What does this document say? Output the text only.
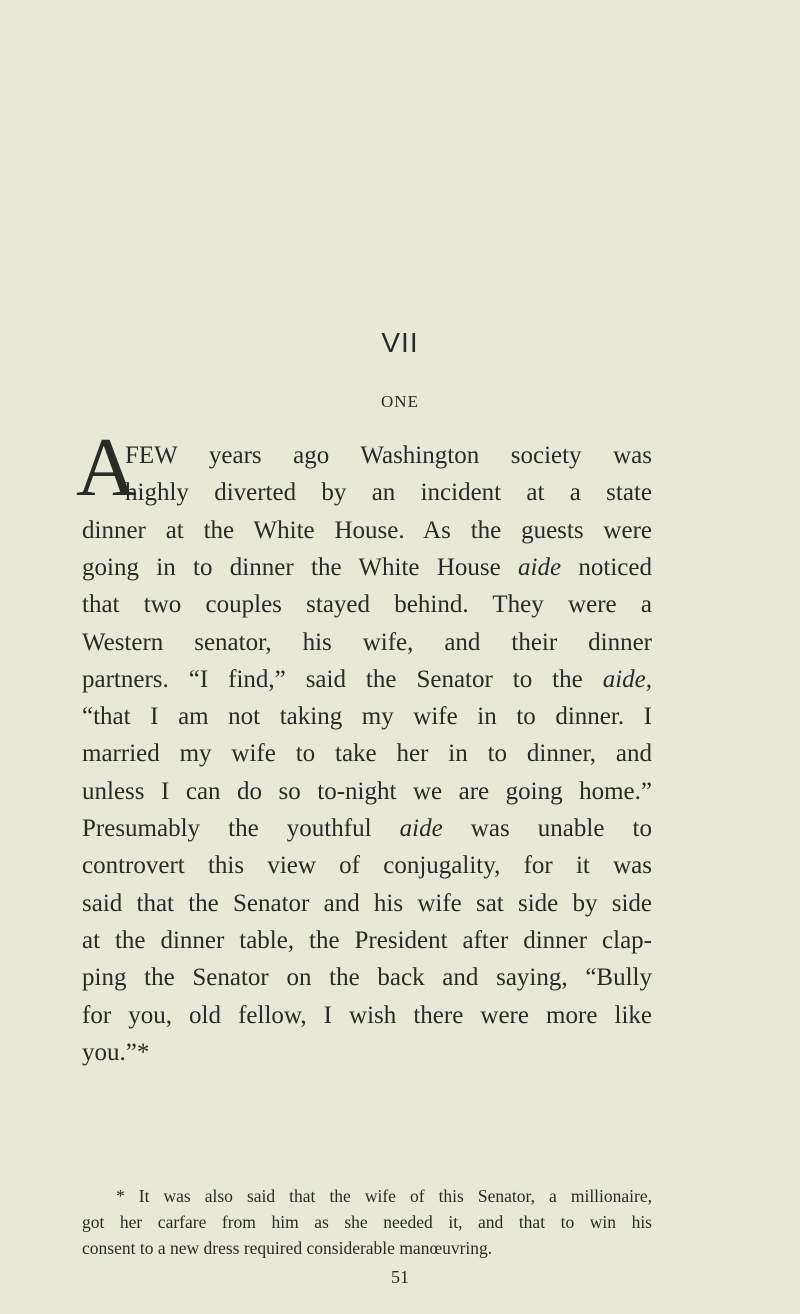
VII
ONE
A
FEW years ago Washington society was
highly diverted by an incident at a state
dinner at the White House. As the guests were
going in to dinner the White House aide noticed
that two couples stayed behind. They were a
Western senator, his wife, and their dinner
partners. “I find,” said the Senator to the aide,
“that I am not taking my wife in to dinner. I
married my wife to take her in to dinner, and
unless I can do so to-night we are going home.”
Presumably the youthful aide was unable to
controvert this view of conjugality, for it was
said that the Senator and his wife sat side by side
at the dinner table, the President after dinner clap-
ping the Senator on the back and saying, “Bully
for you, old fellow, I wish there were more like
you.”*
* It was also said that the wife of this Senator, a millionaire,
got her carfare from him as she needed it, and that to win his
consent to a new dress required considerable manœuvring.
51
